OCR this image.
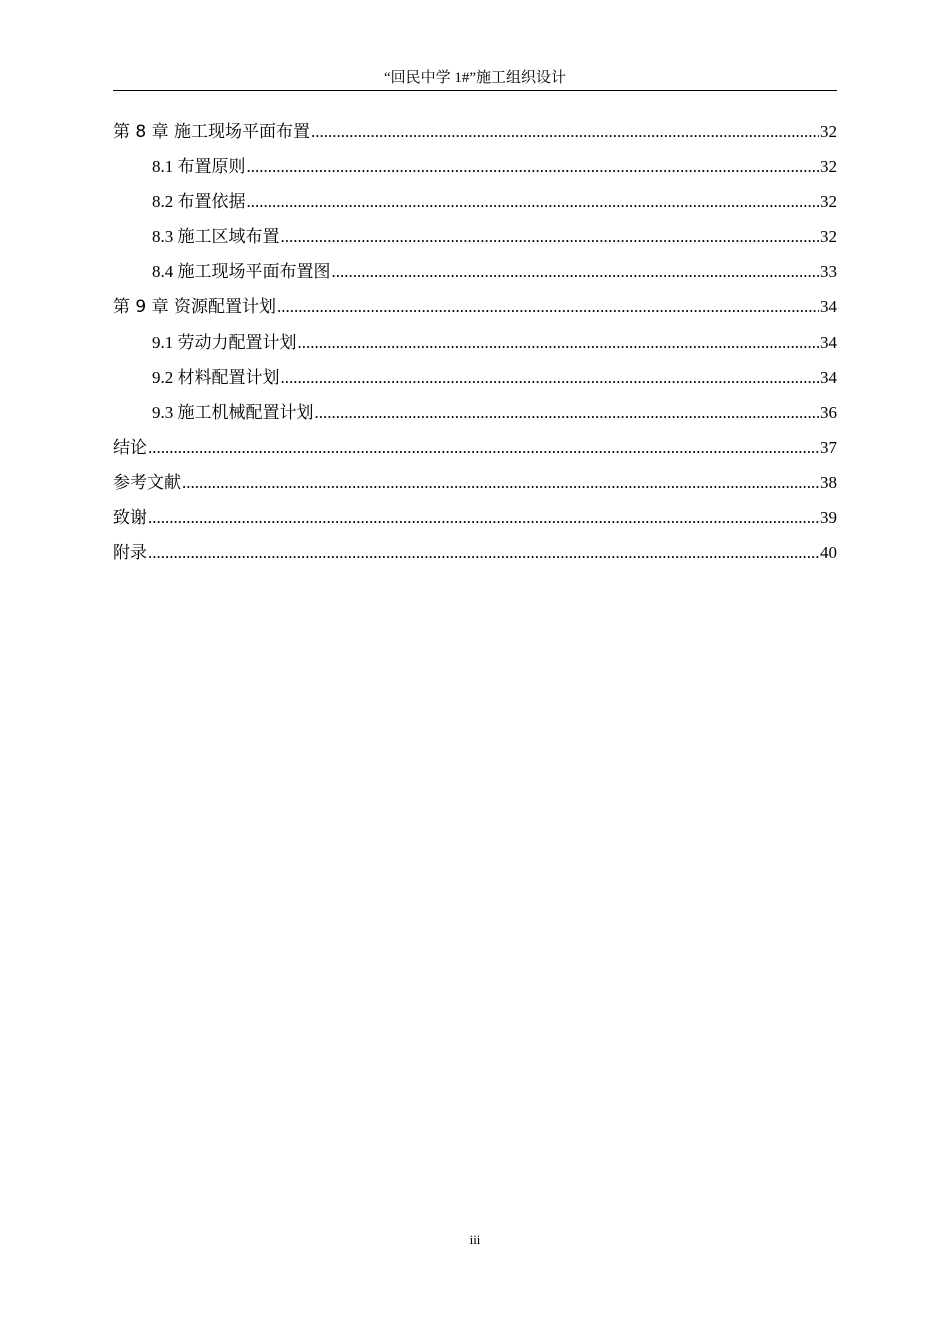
“回民中学 1#”施工组织设计
第 8 章 施工现场平面布置 .....	32
8.1 布置原则 .....	32
8.2 布置依据 .....	32
8.3 施工区域布置 .....	32
8.4 施工现场平面布置图 .....	33
第 9 章 资源配置计划 .....	34
9.1 劳动力配置计划 .....	34
9.2 材料配置计划 .....	34
9.3 施工机械配置计划 .....	36
结论 .....	37
参考文献 .....	38
致谢 .....	39
附录 .....	40
iii
